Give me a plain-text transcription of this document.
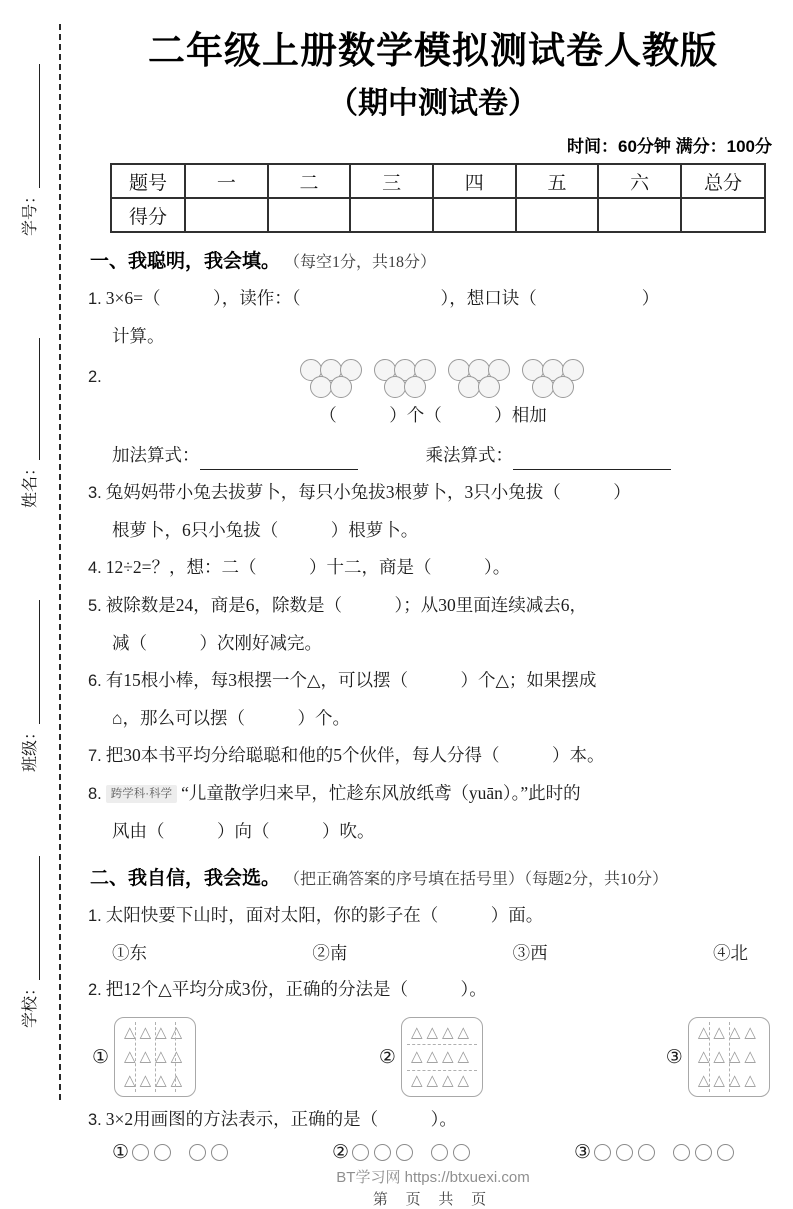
学号：
姓名：
班级：
学校：
二年级上册数学模拟测试卷人教版
（期中测试卷）
时间：60分钟 满分：100分
题号	一	二	三	四	五	六	总分
得分							
一、我聪明，我会填。 （每空1分，共18分）
1. 3×6=（　　　），读作：（　　　　　　　　），想口诀（　　　　　　）
计算。
2.
（　　　）个（　　　）相加
加法算式：	乘法算式：
3. 兔妈妈带小兔去拔萝卜，每只小兔拔3根萝卜，3只小兔拔（　　　）
根萝卜，6只小兔拔（　　　）根萝卜。
4. 12÷2=？，想：二（　　　）十二，商是（　　　）。
5. 被除数是24，商是6，除数是（　　　）；从30里面连续减去6，
减（　　　）次刚好减完。
6. 有15根小棒，每3根摆一个△，可以摆（　　　）个△；如果摆成
⌂，那么可以摆（　　　）个。
7. 把30本书平均分给聪聪和他的5个伙伴，每人分得（　　　）本。
8. 跨学科·科学 “儿童散学归来早，忙趁东风放纸鸢（yuān）。”此时的
风由（　　　）向（　　　）吹。
二、我自信，我会选。 （把正确答案的序号填在括号里）（每题2分，共10分）
1. 太阳快要下山时，面对太阳，你的影子在（　　　）面。
①东	②南	③西	④北
2. 把12个△平均分成3份，正确的分法是（　　　）。
①
△△△△
△△△△
△△△△
②
△△△△
△△△△
△△△△
③
△△△△
△△△△
△△△△
3. 3×2用画图的方法表示，正确的是（　　　）。
①	②	③
BT学习网 https://btxuexi.com
第 页 共 页
